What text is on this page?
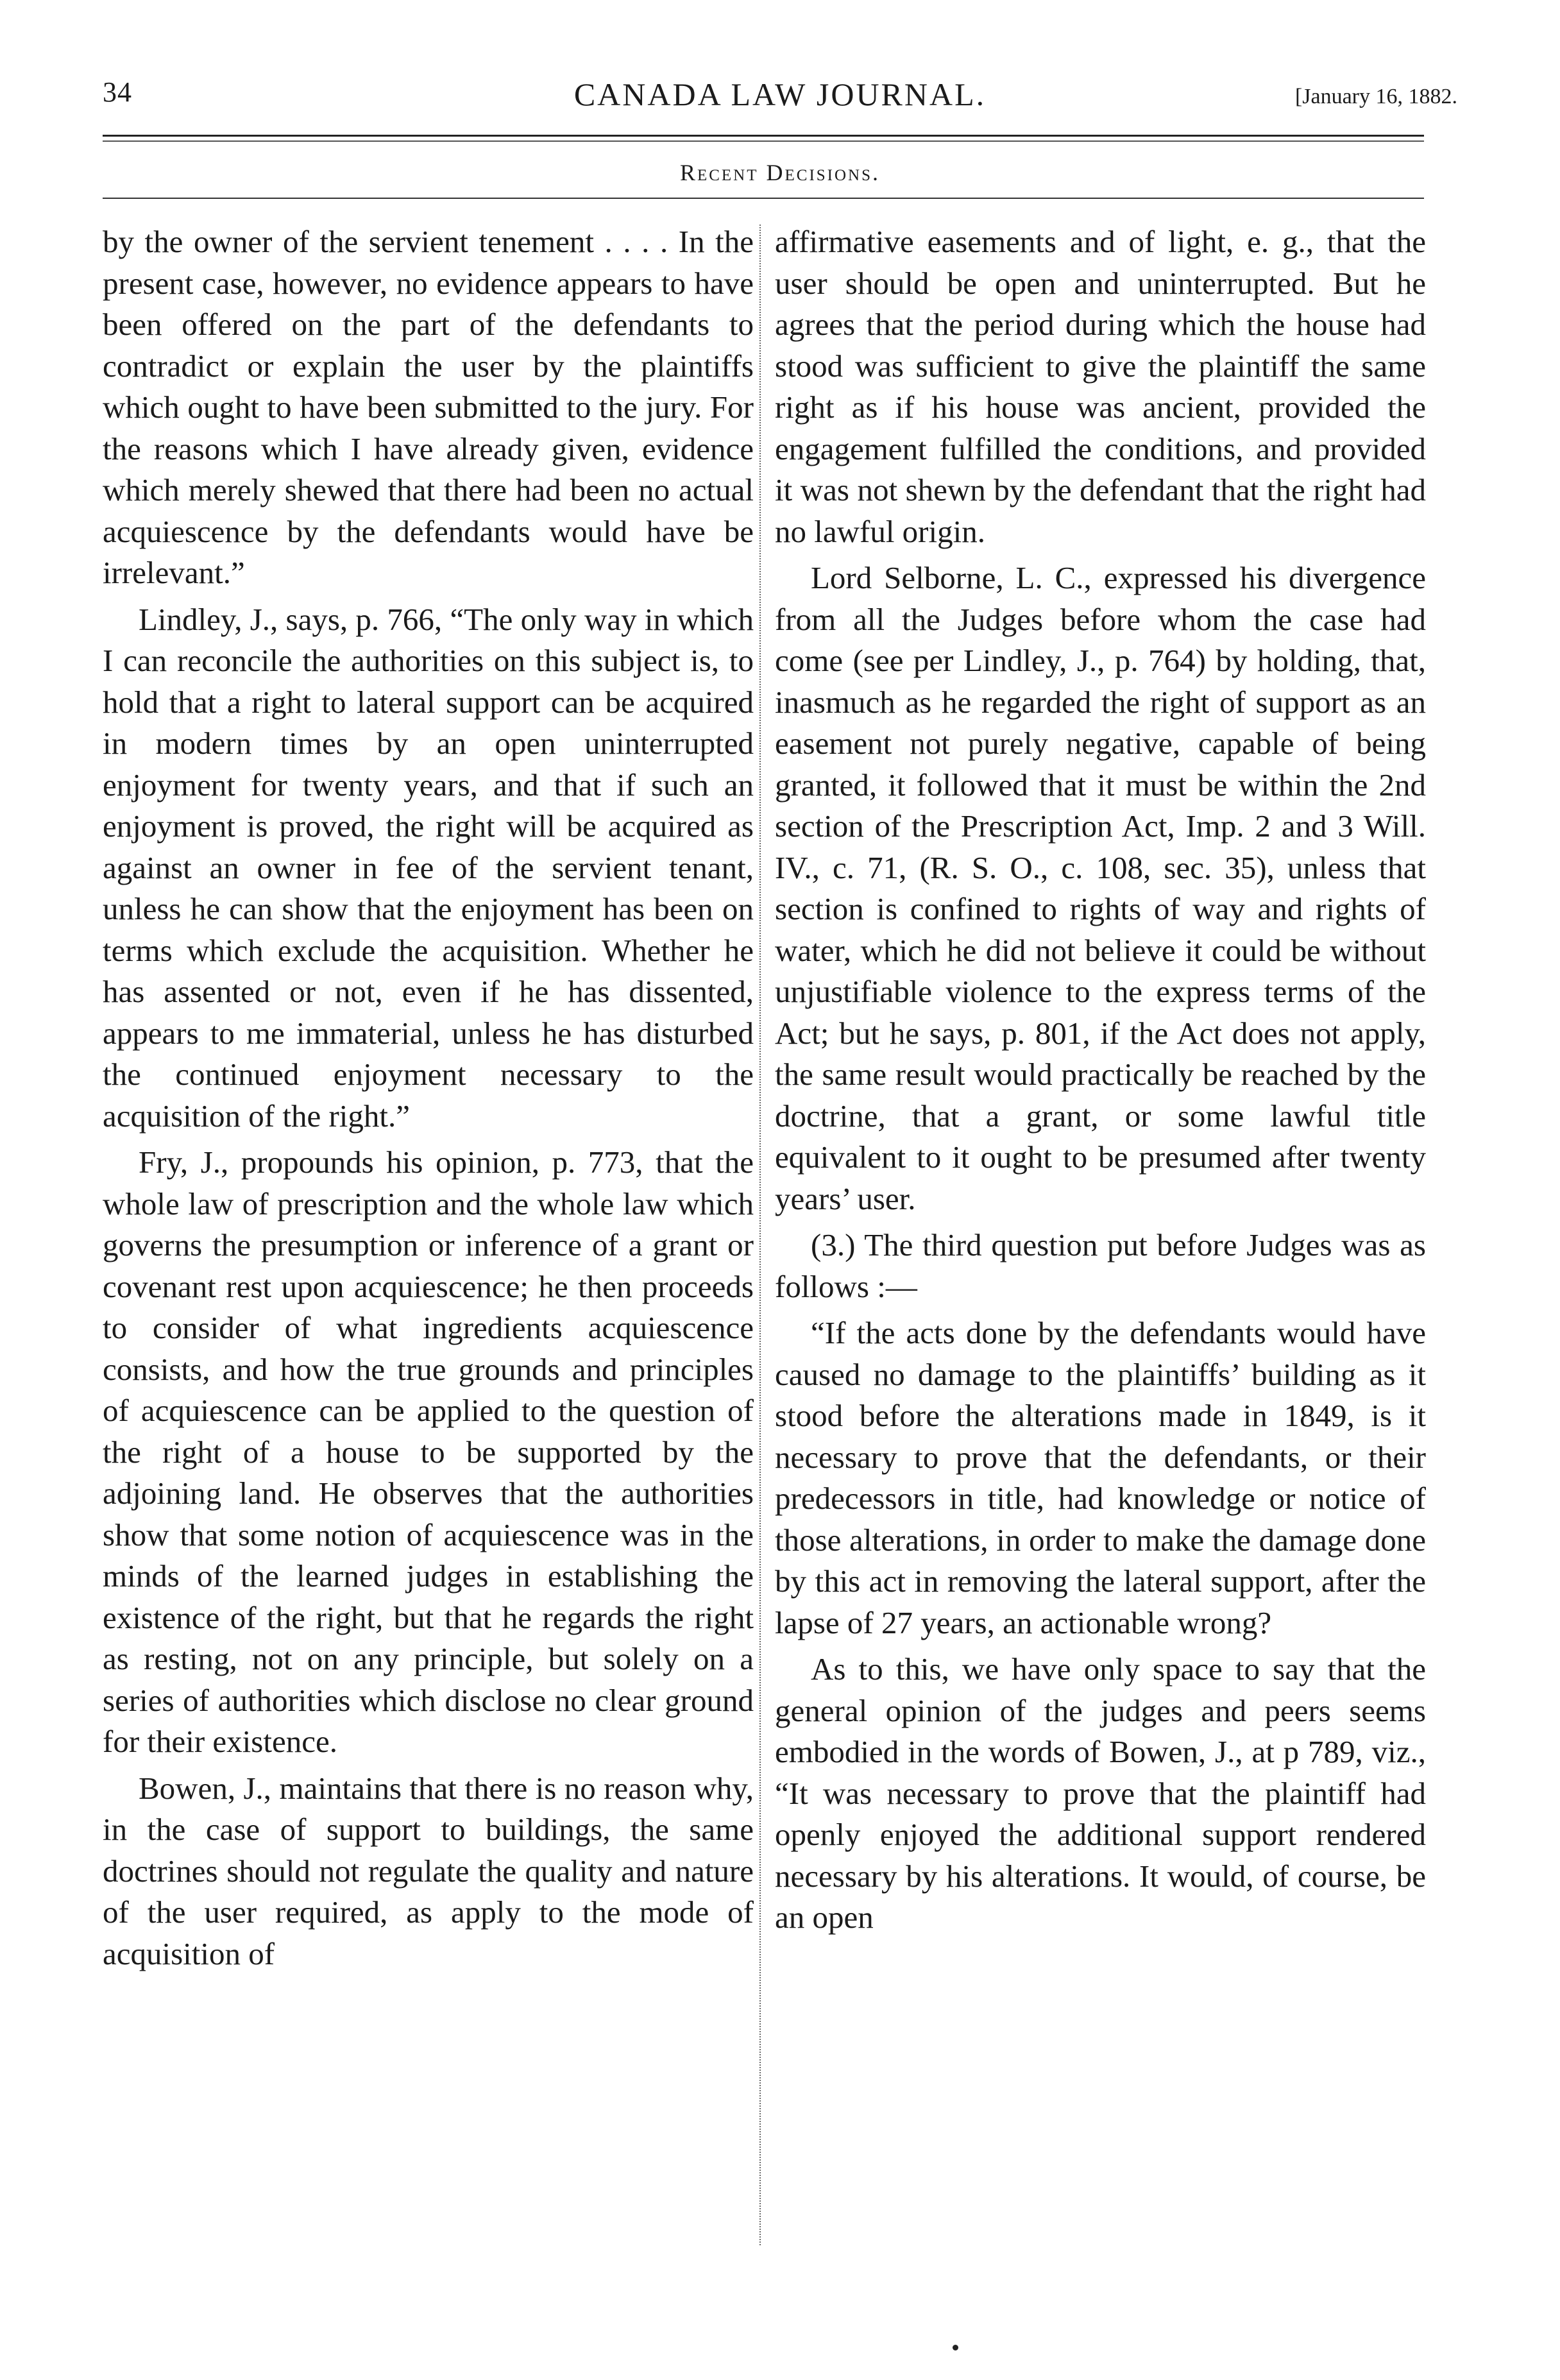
34	CANADA LAW JOURNAL.	[January 16, 1882.
Recent Decisions.

by the owner of the servient tenement . . . . In the present case, however, no evidence appears to have been offered on the part of the defendants to contradict or explain the user by the plaintiffs which ought to have been submitted to the jury. For the reasons which I have already given, evidence which merely shewed that there had been no actual acquiescence by the defendants would have be irrelevant.”

Lindley, J., says, p. 766, “The only way in which I can reconcile the authorities on this subject is, to hold that a right to lateral support can be acquired in modern times by an open uninterrupted enjoyment for twenty years, and that if such an enjoyment is proved, the right will be acquired as against an owner in fee of the servient tenant, unless he can show that the enjoyment has been on terms which exclude the acquisition. Whether he has assented or not, even if he has dissented, appears to me immaterial, unless he has disturbed the continued enjoyment necessary to the acquisition of the right.”

Fry, J., propounds his opinion, p. 773, that the whole law of prescription and the whole law which governs the presumption or inference of a grant or covenant rest upon acquiescence; he then proceeds to consider of what ingredients acquiescence consists, and how the true grounds and principles of acquiescence can be applied to the question of the right of a house to be supported by the adjoining land. He observes that the authorities show that some notion of acquiescence was in the minds of the learned judges in establishing the existence of the right, but that he regards the right as resting, not on any principle, but solely on a series of authorities which disclose no clear ground for their existence.

Bowen, J., maintains that there is no reason why, in the case of support to buildings, the same doctrines should not regulate the quality and nature of the user required, as apply to the mode of acquisition of

affirmative easements and of light, e. g., that the user should be open and uninterrupted. But he agrees that the period during which the house had stood was sufficient to give the plaintiff the same right as if his house was ancient, provided the engagement fulfilled the conditions, and provided it was not shewn by the defendant that the right had no lawful origin.

Lord Selborne, L. C., expressed his divergence from all the Judges before whom the case had come (see per Lindley, J., p. 764) by holding, that, inasmuch as he regarded the right of support as an easement not purely negative, capable of being granted, it followed that it must be within the 2nd section of the Prescription Act, Imp. 2 and 3 Will. IV., c. 71, (R. S. O., c. 108, sec. 35), unless that section is confined to rights of way and rights of water, which he did not believe it could be without unjustifiable violence to the express terms of the Act; but he says, p. 801, if the Act does not apply, the same result would practically be reached by the doctrine, that a grant, or some lawful title equivalent to it ought to be presumed after twenty years’ user.

(3.) The third question put before Judges was as follows :—

“If the acts done by the defendants would have caused no damage to the plaintiffs’ building as it stood before the alterations made in 1849, is it necessary to prove that the defendants, or their predecessors in title, had knowledge or notice of those alterations, in order to make the damage done by this act in removing the lateral support, after the lapse of 27 years, an actionable wrong?

As to this, we have only space to say that the general opinion of the judges and peers seems embodied in the words of Bowen, J., at p 789, viz., “It was necessary to prove that the plaintiff had openly enjoyed the additional support rendered necessary by his alterations. It would, of course, be an open
